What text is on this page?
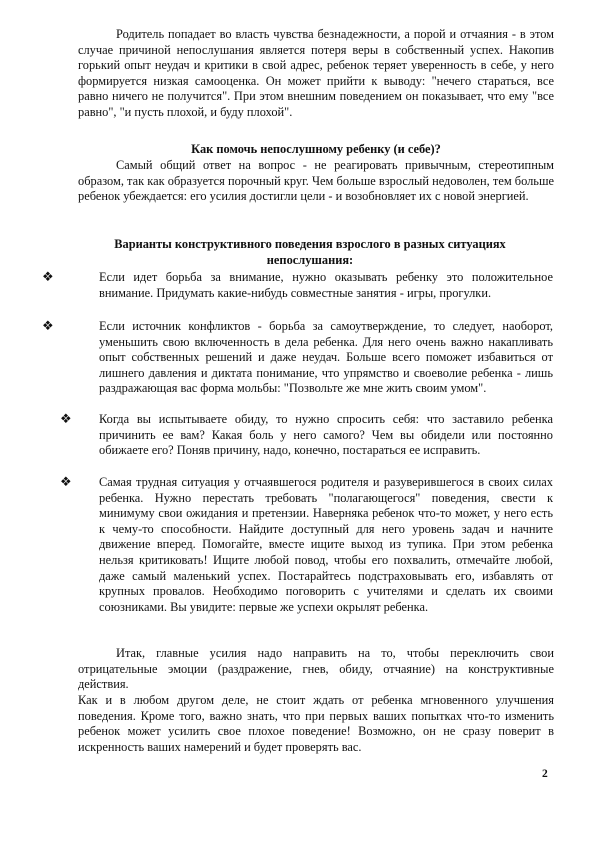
Родитель попадает во власть чувства безнадежности, а порой и отчаяния - в этом случае причиной непослушания является потеря веры в собственный успех. Накопив горький опыт неудач и критики в свой адрес, ребенок теряет уверенность в себе, у него формируется низкая самооценка. Он может прийти к выводу: "нечего стараться, все равно ничего не получится". При этом внешним поведением он показывает, что ему "все равно", "и пусть плохой, и буду плохой".

Как помочь непослушному ребенку (и себе)?

Самый общий ответ на вопрос - не реагировать привычным, стереотипным образом, так как образуется порочный круг. Чем больше взрослый недоволен, тем больше ребенок убеждается: его усилия достигли цели - и возобновляет их с новой энергией.

Варианты конструктивного поведения взрослого в разных ситуациях непослушания:

❖	Если идет борьба за внимание, нужно оказывать ребенку это положительное внимание. Придумать какие-нибудь совместные занятия - игры, прогулки.

❖	Если источник конфликтов - борьба за самоутверждение, то следует, наоборот, уменьшить свою включенность в дела ребенка. Для него очень важно накапливать опыт собственных решений и даже неудач. Больше всего поможет избавиться от лишнего давления и диктата понимание, что упрямство и своеволие ребенка - лишь раздражающая вас форма мольбы: "Позвольте же мне жить своим умом".

❖ Когда вы испытываете обиду, то нужно спросить себя: что заставило ребенка причинить ее вам? Какая боль у него самого? Чем вы обидели или постоянно обижаете его? Поняв причину, надо, конечно, постараться ее исправить.

❖ Самая трудная ситуация у отчаявшегося родителя и разуверившегося в своих силах ребенка. Нужно перестать требовать "полагающегося" поведения, свести к минимуму свои ожидания и претензии. Наверняка ребенок что-то может, у него есть к чему-то способности. Найдите доступный для него уровень задач и начните движение вперед. Помогайте, вместе ищите выход из тупика. При этом ребенка нельзя критиковать! Ищите любой повод, чтобы его похвалить, отмечайте любой, даже самый маленький успех. Постарайтесь подстраховывать его, избавлять от крупных провалов. Необходимо поговорить с учителями и сделать их своими союзниками. Вы увидите: первые же успехи окрылят ребенка.

Итак, главные усилия надо направить на то, чтобы переключить свои отрицательные эмоции (раздражение, гнев, обиду, отчаяние) на конструктивные действия.

Как и в любом другом деле, не стоит ждать от ребенка мгновенного улучшения поведения. Кроме того, важно знать, что при первых ваших попытках что-то изменить ребенок может усилить свое плохое поведение! Возможно, он не сразу поверит в искренность ваших намерений и будет проверять вас.

2
